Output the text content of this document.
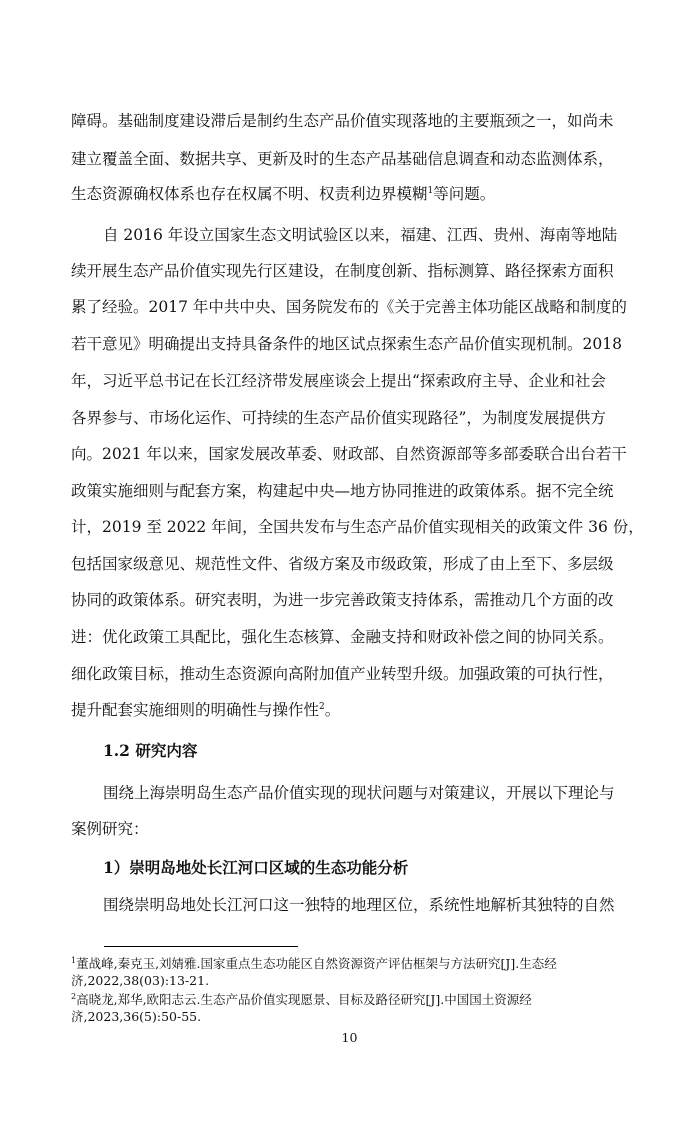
障碍。基础制度建设滞后是制约生态产品价值实现落地的主要瓶颈之一，如尚未
建立覆盖全面、数据共享、更新及时的生态产品基础信息调查和动态监测体系，
生态资源确权体系也存在权属不明、权责利边界模糊$^1$等问题。
自 2016 年设立国家生态文明试验区以来，福建、江西、贵州、海南等地陆
续开展生态产品价值实现先行区建设，在制度创新、指标测算、路径探索方面积
累了经验。2017 年中共中央、国务院发布的《关于完善主体功能区战略和制度的
若干意见》明确提出支持具备条件的地区试点探索生态产品价值实现机制。2018
年，习近平总书记在长江经济带发展座谈会上提出“探索政府主导、企业和社会
各界参与、市场化运作、可持续的生态产品价值实现路径”，为制度发展提供方
向。2021 年以来，国家发展改革委、财政部、自然资源部等多部委联合出台若干
政策实施细则与配套方案，构建起中央—地方协同推进的政策体系。据不完全统
计，2019 至 2022 年间，全国共发布与生态产品价值实现相关的政策文件 36 份，
包括国家级意见、规范性文件、省级方案及市级政策，形成了由上至下、多层级
协同的政策体系。研究表明，为进一步完善政策支持体系，需推动几个方面的改
进：优化政策工具配比，强化生态核算、金融支持和财政补偿之间的协同关系。
细化政策目标，推动生态资源向高附加值产业转型升级。加强政策的可执行性，
提升配套实施细则的明确性与操作性$^2$。
1.2 研究内容
围绕上海崇明岛生态产品价值实现的现状问题与对策建议，开展以下理论与
案例研究：
1）崇明岛地处长江河口区域的生态功能分析
围绕崇明岛地处长江河口这一独特的地理区位，系统性地解析其独特的自然
$^1$董战峰,秦克玉,刘婧雅.国家重点生态功能区自然资源资产评估框架与方法研究[J].生态经
济,2022,38(03):13-21.
$^2$高晓龙,郑华,欧阳志云.生态产品价值实现愿景、目标及路径研究[J].中国国土资源经
济,2023,36(5):50-55.
10
